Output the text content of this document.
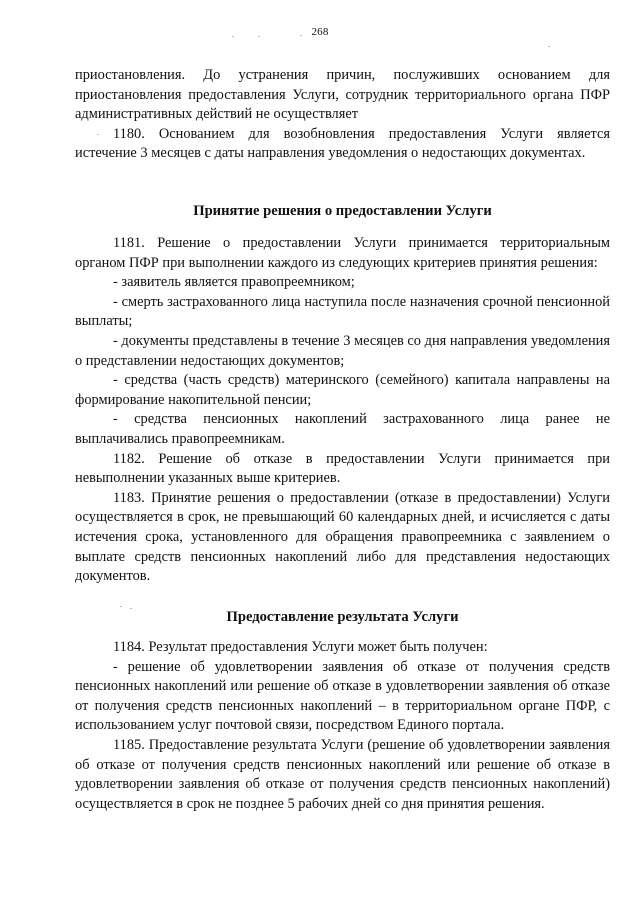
268

приостановления. До устранения причин, послуживших основанием для приостановления предоставления Услуги, сотрудник территориального органа ПФР административных действий не осуществляет

1180. Основанием для возобновления предоставления Услуги является истечение 3 месяцев с даты направления уведомления о недостающих документах.

Принятие решения о предоставлении Услуги

1181. Решение о предоставлении Услуги принимается территориальным органом ПФР при выполнении каждого из следующих критериев принятия решения:

- заявитель является правопреемником;

- смерть застрахованного лица наступила после назначения срочной пенсионной выплаты;

- документы представлены в течение 3 месяцев со дня направления уведомления о представлении недостающих документов;

- средства (часть средств) материнского (семейного) капитала направлены на формирование накопительной пенсии;

- средства пенсионных накоплений застрахованного лица ранее не выплачивались правопреемникам.

1182. Решение об отказе в предоставлении Услуги принимается при невыполнении указанных выше критериев.

1183. Принятие решения о предоставлении (отказе в предоставлении) Услуги осуществляется в срок, не превышающий 60 календарных дней, и исчисляется с даты истечения срока, установленного для обращения правопреемника с заявлением о выплате средств пенсионных накоплений либо для представления недостающих документов.

Предоставление результата Услуги

1184. Результат предоставления Услуги может быть получен:

- решение об удовлетворении заявления об отказе от получения средств пенсионных накоплений или решение об отказе в удовлетворении заявления об отказе от получения средств пенсионных накоплений – в территориальном органе ПФР, с использованием услуг почтовой связи, посредством Единого портала.

1185. Предоставление результата Услуги (решение об удовлетворении заявления об отказе от получения средств пенсионных накоплений или решение об отказе в удовлетворении заявления об отказе от получения средств пенсионных накоплений) осуществляется в срок не позднее 5 рабочих дней со дня принятия решения.
